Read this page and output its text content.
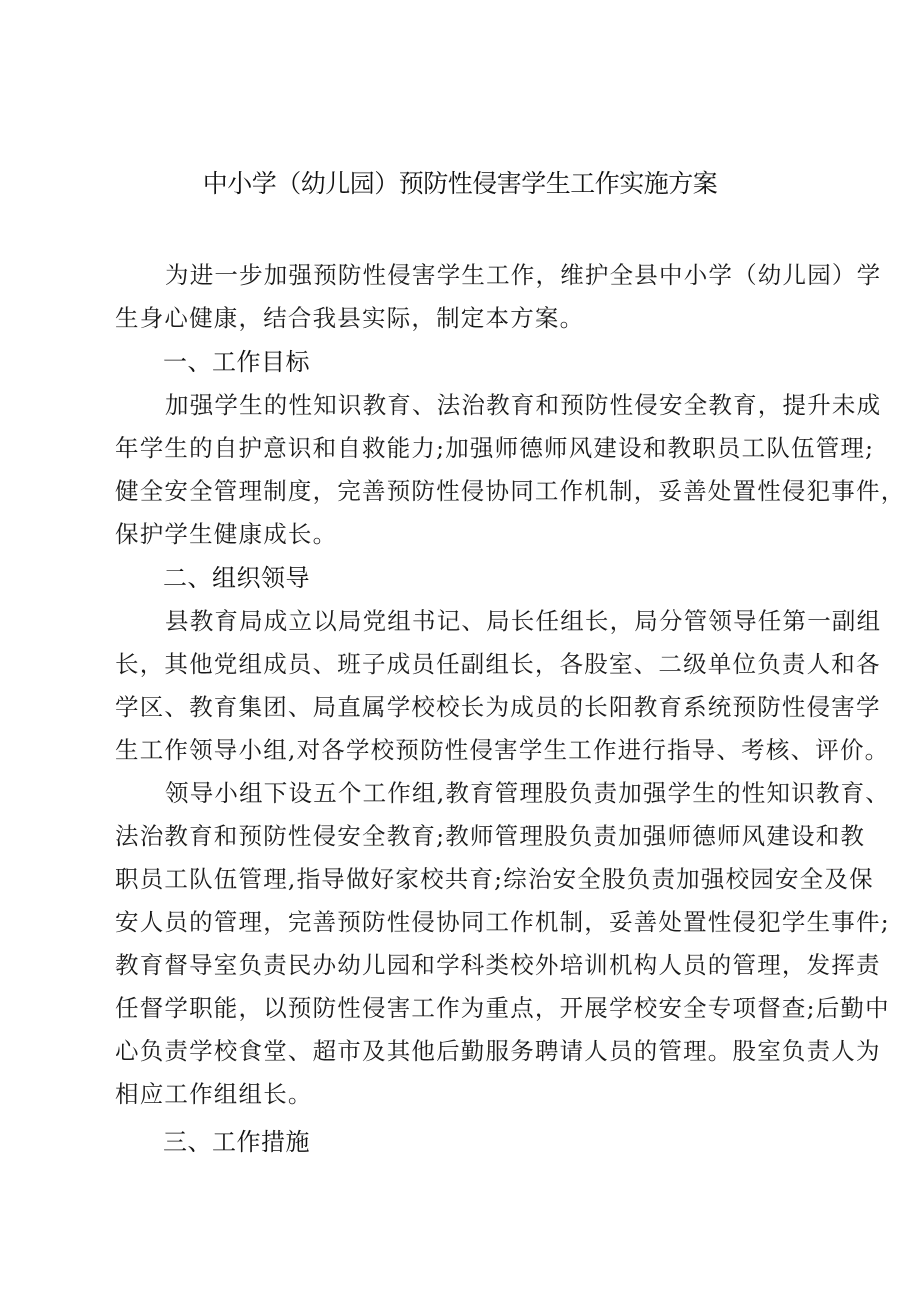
中小学（幼儿园）预防性侵害学生工作实施方案
为进一步加强预防性侵害学生工作，维护全县中小学（幼儿园）学
生身心健康，结合我县实际，制定本方案。
一、工作目标
加强学生的性知识教育、法治教育和预防性侵安全教育，提升未成
年学生的自护意识和自救能力;加强师德师风建设和教职员工队伍管理;
健全安全管理制度，完善预防性侵协同工作机制，妥善处置性侵犯事件，
保护学生健康成长。
二、组织领导
县教育局成立以局党组书记、局长任组长，局分管领导任第一副组
长，其他党组成员、班子成员任副组长，各股室、二级单位负责人和各
学区、教育集团、局直属学校校长为成员的长阳教育系统预防性侵害学
生工作领导小组,对各学校预防性侵害学生工作进行指导、考核、评价。
领导小组下设五个工作组,教育管理股负责加强学生的性知识教育、
法治教育和预防性侵安全教育;教师管理股负责加强师德师风建设和教
职员工队伍管理,指导做好家校共育;综治安全股负责加强校园安全及保
安人员的管理，完善预防性侵协同工作机制，妥善处置性侵犯学生事件;
教育督导室负责民办幼儿园和学科类校外培训机构人员的管理，发挥责
任督学职能，以预防性侵害工作为重点，开展学校安全专项督查;后勤中
心负责学校食堂、超市及其他后勤服务聘请人员的管理。股室负责人为
相应工作组组长。
三、工作措施
